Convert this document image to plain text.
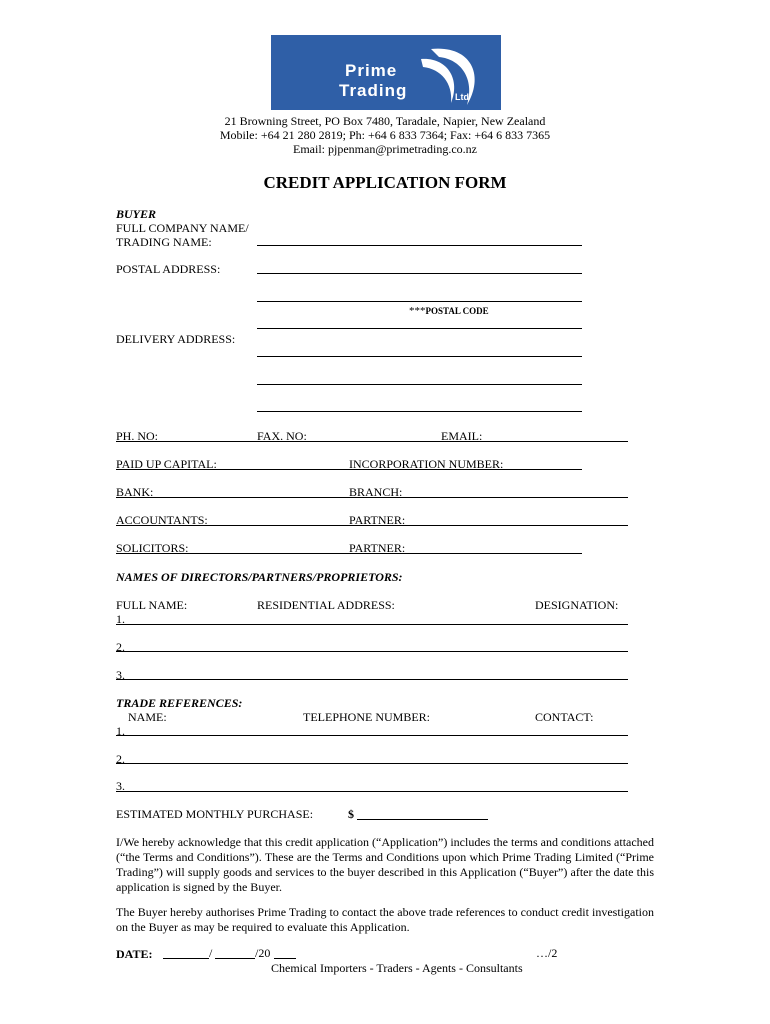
Prime
Trading	Ltd
21 Browning Street, PO Box 7480, Taradale, Napier, New Zealand
Mobile: +64 21 280 2819; Ph: +64 6 833 7364; Fax: +64 6 833 7365
Email: pjpenman@primetrading.co.nz
CREDIT APPLICATION FORM
BUYER
FULL COMPANY NAME/
TRADING NAME:
POSTAL ADDRESS:
***POSTAL CODE
DELIVERY ADDRESS:
PH. NO:	FAX. NO:	EMAIL:
PAID UP CAPITAL:	INCORPORATION NUMBER:
BANK:	BRANCH:
ACCOUNTANTS:	PARTNER:
SOLICITORS:	PARTNER:
NAMES OF DIRECTORS/PARTNERS/PROPRIETORS:
FULL NAME:	RESIDENTIAL ADDRESS:	DESIGNATION:
1.
2.
3.
TRADE REFERENCES:
NAME:	TELEPHONE NUMBER:	CONTACT:
1.
2.
3.
ESTIMATED MONTHLY PURCHASE:	$
I/We hereby acknowledge that this credit application (“Application”) includes the terms and conditions attached (“the Terms and Conditions”). These are the Terms and Conditions upon which Prime Trading Limited (“Prime Trading”) will supply goods and services to the buyer described in this Application (“Buyer”) after the date this application is signed by the Buyer.
The Buyer hereby authorises Prime Trading to contact the above trade references to conduct credit investigation on the Buyer as may be required to evaluate this Application.
DATE:	/	/20	…/2
Chemical Importers - Traders - Agents - Consultants
